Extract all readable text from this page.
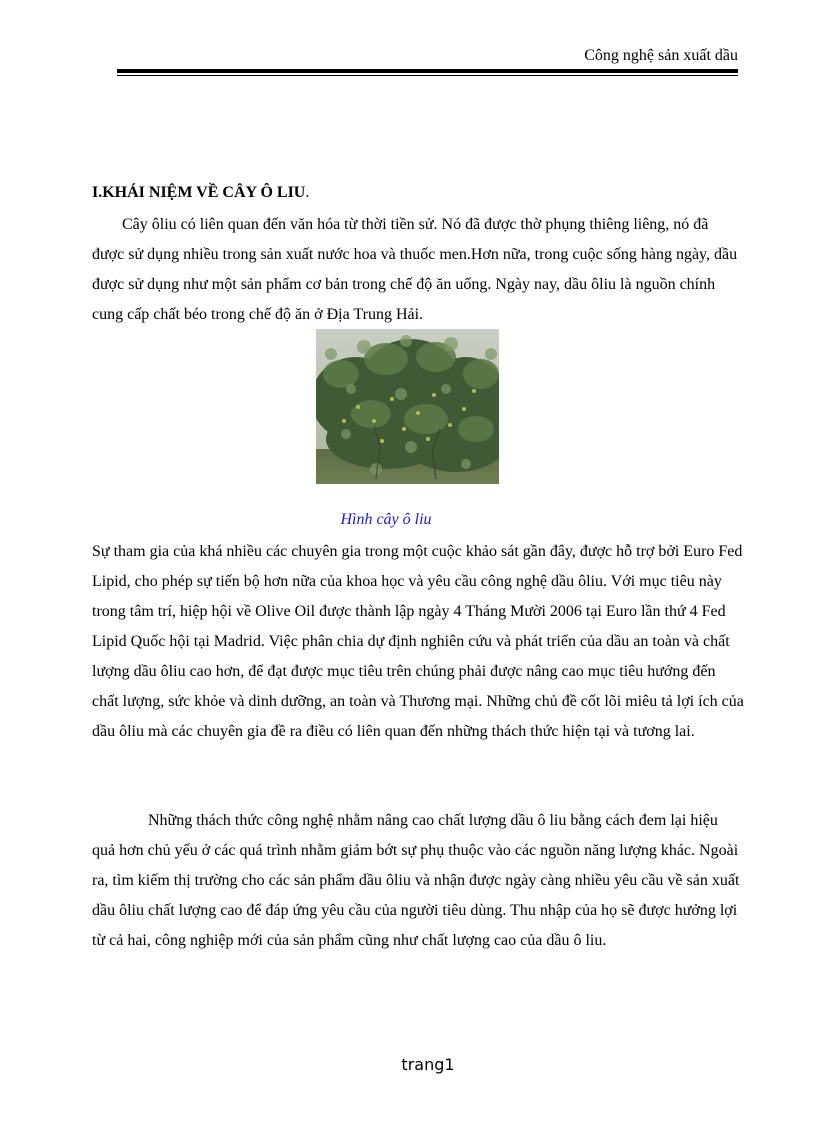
Công nghệ sản xuất dầu
I.KHÁI NIỆM VỀ CÂY Ô LIU.

Cây ôliu có liên quan đến văn hóa từ thời tiền sử. Nó đã được thờ phụng thiêng liêng, nó đã được sử dụng nhiều trong sản xuất nước hoa và thuốc men.Hơn nữa, trong cuộc sống hàng ngày, dầu được sử dụng như một sản phẩm cơ bản trong chế độ ăn uống. Ngày nay, dầu ôliu là nguồn chính cung cấp chất béo trong chế độ ăn ở Địa Trung Hải.

Hình cây ô liu

Sự tham gia của khá nhiều các chuyên gia trong một cuộc khảo sát gần đây, được hỗ trợ bởi Euro Fed Lipid, cho phép sự tiến bộ hơn nữa của khoa học và yêu cầu công nghệ dầu ôliu. Với mục tiêu này trong tâm trí, hiệp hội về Olive Oil được thành lập ngày 4 Tháng Mười 2006 tại Euro lần thứ 4 Fed Lipid Quốc hội tại Madrid. Việc phân chia dự định nghiên cứu và phát triển của dầu an toàn và chất lượng dầu ôliu cao hơn, để đạt được mục tiêu trên chúng phải được nâng cao mục tiêu hướng đến chất lượng, sức khỏe và dinh dưỡng, an toàn và Thương mại. Những chủ đề cốt lõi miêu tả lợi ích của dầu ôliu mà các chuyên gia đề ra điều có liên quan đến những thách thức hiện tại và tương lai.

Những thách thức công nghệ nhằm nâng cao chất lượng dầu ô liu bằng cách đem lại hiệu quả hơn chủ yếu ở các quá trình nhằm giảm bớt sự phụ thuộc vào các nguồn năng lượng khác. Ngoài ra, tìm kiếm thị trường cho các sản phẩm dầu ôliu và nhận được ngày càng nhiều yêu cầu về sản xuất dầu ôliu chất lượng cao để đáp ứng yêu cầu của người tiêu dùng. Thu nhập của họ sẽ được hưởng lợi từ cả hai, công nghiệp mới của sản phẩm cũng như chất lượng cao của dầu ô liu.

trang1
